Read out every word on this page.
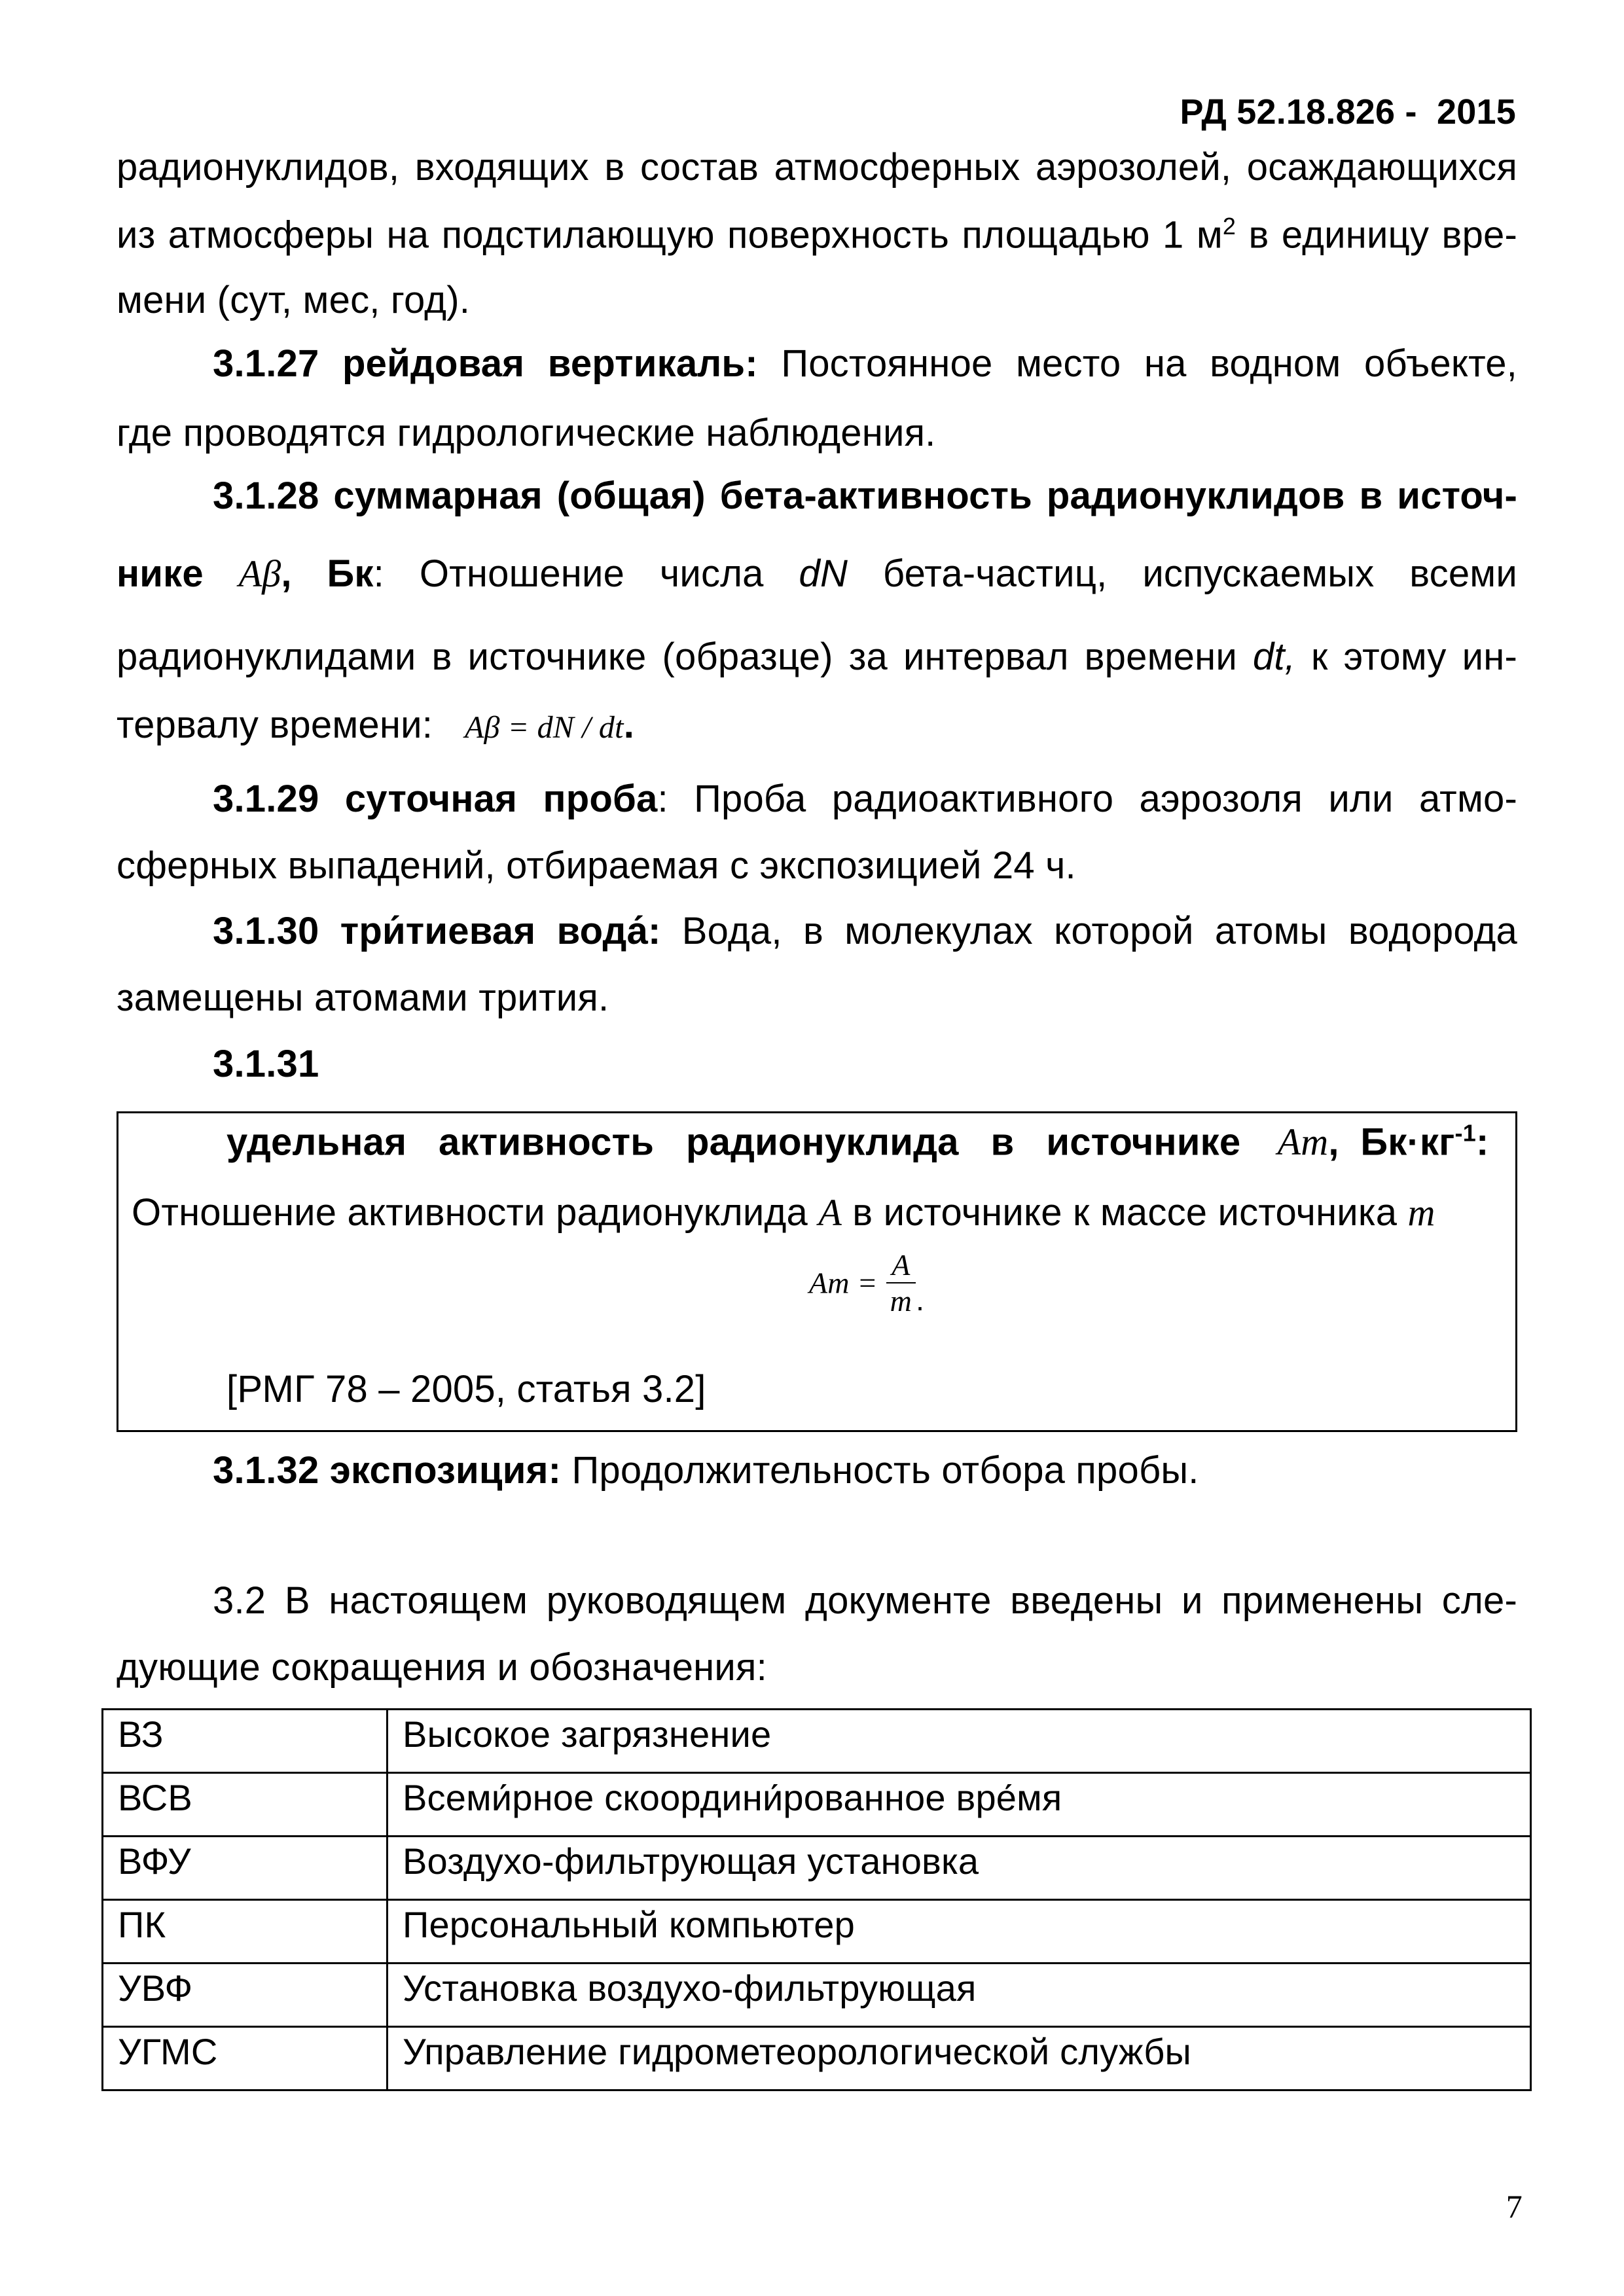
РД 52.18.826 -  2015
радионуклидов, входящих в состав атмосферных аэрозолей, осаждающихся
из атмосферы на подстилающую поверхность площадью 1 $м^2$ в единицу вре-
мени (сут, мес, год).
3.1.27 рейдовая вертикаль: Постоянное место на водном объекте,
где проводятся гидрологические наблюдения.
3.1.28 суммарная (общая) бета-активность радионуклидов в источ-
нике Aβ, Бк: Отношение числа dN бета-частиц, испускаемых всеми
радионуклидами в источнике (образце) за интервал времени dt, к этому ин-
тервалу времени: Aβ = dN / dt.
3.1.29 суточная проба: Проба радиоактивного аэрозоля или атмо-
сферных выпадений, отбираемая с экспозицией 24 ч.
3.1.30 три́тиевая вода́: Вода, в молекулах которой атомы водорода
замещены атомами трития.
3.1.31
удельная   активность   радионуклида   в   источнике Am,  $Бк\cdot кг^{-1}$:
Отношение активности радионуклида A в источнике к массе источника m
$Am = \frac{A}{m}$ .
[РМГ 78 – 2005, статья 3.2]
3.1.32 экспозиция: Продолжительность отбора пробы.
3.2 В настоящем руководящем документе введены и применены сле-
дующие сокращения и обозначения:
ВЗ	Высокое загрязнение
ВСВ	Всеми́рное скоордини́рованное вре́мя
ВФУ	Воздухо-фильтрующая установка
ПК	Персональный компьютер
УВФ	Установка воздухо-фильтрующая
УГМС	Управление гидрометеорологической службы
7
